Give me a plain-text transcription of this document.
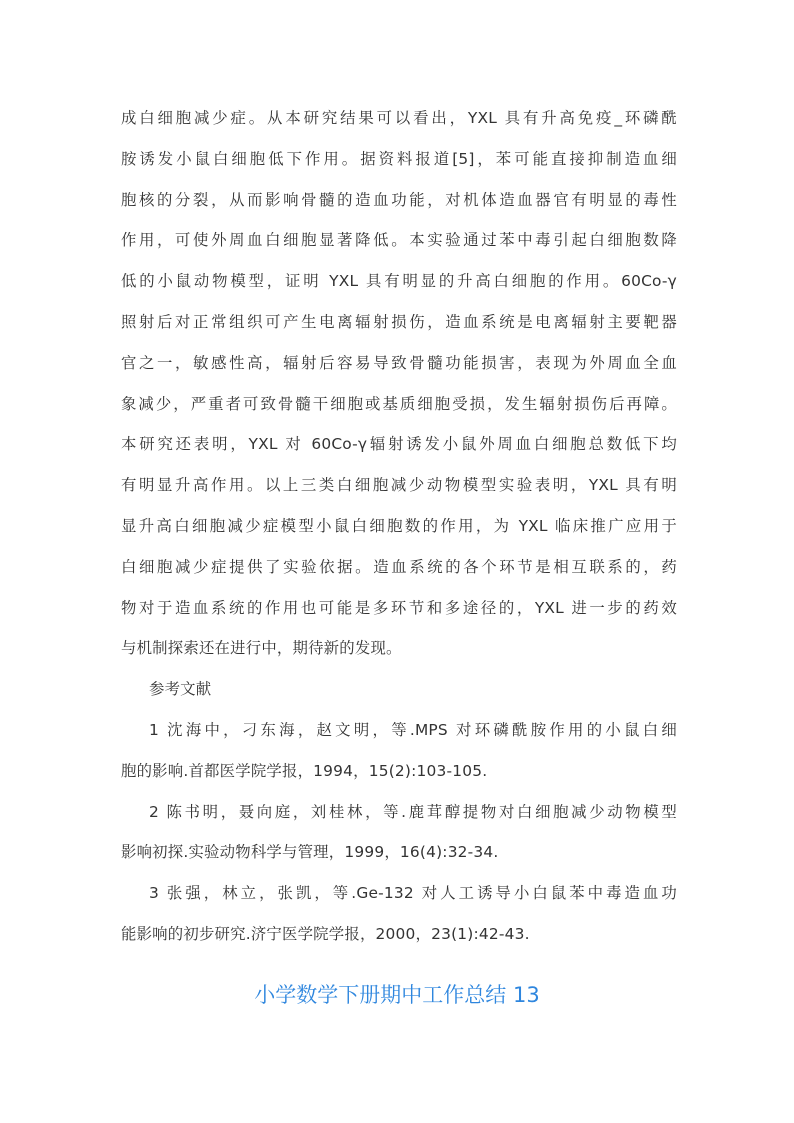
成白细胞减少症。从本研究结果可以看出，YXL 具有升高免疫_环磷酰
胺诱发小鼠白细胞低下作用。据资料报道[5]，苯可能直接抑制造血细
胞核的分裂，从而影响骨髓的造血功能，对机体造血器官有明显的毒性
作用，可使外周血白细胞显著降低。本实验通过苯中毒引起白细胞数降
低的小鼠动物模型，证明 YXL 具有明显的升高白细胞的作用。60Co-γ
照射后对正常组织可产生电离辐射损伤，造血系统是电离辐射主要靶器
官之一，敏感性高，辐射后容易导致骨髓功能损害，表现为外周血全血
象减少，严重者可致骨髓干细胞或基质细胞受损，发生辐射损伤后再障。
本研究还表明，YXL 对 60Co-γ辐射诱发小鼠外周血白细胞总数低下均
有明显升高作用。以上三类白细胞减少动物模型实验表明，YXL 具有明
显升高白细胞减少症模型小鼠白细胞数的作用，为 YXL 临床推广应用于
白细胞减少症提供了实验依据。造血系统的各个环节是相互联系的，药
物对于造血系统的作用也可能是多环节和多途径的，YXL 进一步的药效
与机制探索还在进行中，期待新的发现。
参考文献
1 沈海中，刁东海，赵文明，等.MPS 对环磷酰胺作用的小鼠白细
胞的影响.首都医学院学报，1994，15(2):103-105.
2 陈书明，聂向庭，刘桂林，等.鹿茸醇提物对白细胞减少动物模型
影响初探.实验动物科学与管理，1999，16(4):32-34.
3 张强，林立，张凯，等.Ge-132 对人工诱导小白鼠苯中毒造血功
能影响的初步研究.济宁医学院学报，2000，23(1):42-43.
小学数学下册期中工作总结 13
